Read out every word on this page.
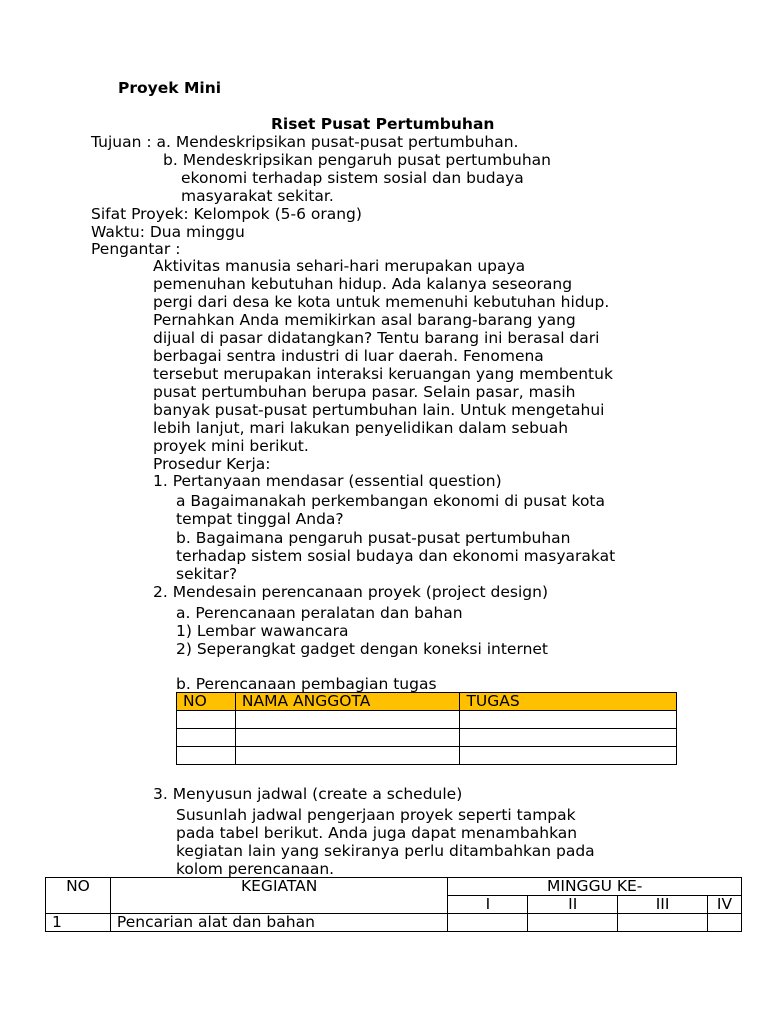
Proyek Mini
Riset Pusat Pertumbuhan
Tujuan : a. Mendeskripsikan pusat-pusat pertumbuhan.
b. Mendeskripsikan pengaruh pusat pertumbuhan
ekonomi terhadap sistem sosial dan budaya
masyarakat sekitar.
Sifat Proyek: Kelompok (5-6 orang)
Waktu: Dua minggu
Pengantar :
Aktivitas manusia sehari-hari merupakan upaya
pemenuhan kebutuhan hidup. Ada kalanya seseorang
pergi dari desa ke kota untuk memenuhi kebutuhan hidup.
Pernahkan Anda memikirkan asal barang-barang yang
dijual di pasar didatangkan? Tentu barang ini berasal dari
berbagai sentra industri di luar daerah. Fenomena
tersebut merupakan interaksi keruangan yang membentuk
pusat pertumbuhan berupa pasar. Selain pasar, masih
banyak pusat-pusat pertumbuhan lain. Untuk mengetahui
lebih lanjut, mari lakukan penyelidikan dalam sebuah
proyek mini berikut.
Prosedur Kerja:
1. Pertanyaan mendasar (essential question)
a Bagaimanakah perkembangan ekonomi di pusat kota
tempat tinggal Anda?
b. Bagaimana pengaruh pusat-pusat pertumbuhan
terhadap sistem sosial budaya dan ekonomi masyarakat
sekitar?
2. Mendesain perencanaan proyek (project design)
a. Perencanaan peralatan dan bahan
1) Lembar wawancara
2) Seperangkat gadget dengan koneksi internet
b. Perencanaan pembagian tugas
NO	NAMA ANGGOTA	TUGAS

3. Menyusun jadwal (create a schedule)
Susunlah jadwal pengerjaan proyek seperti tampak
pada tabel berikut. Anda juga dapat menambahkan
kegiatan lain yang sekiranya perlu ditambahkan pada
kolom perencanaan.
NO	KEGIATAN	MINGGU KE-			
		I	II	III	IV
1	Pencarian alat dan bahan				
